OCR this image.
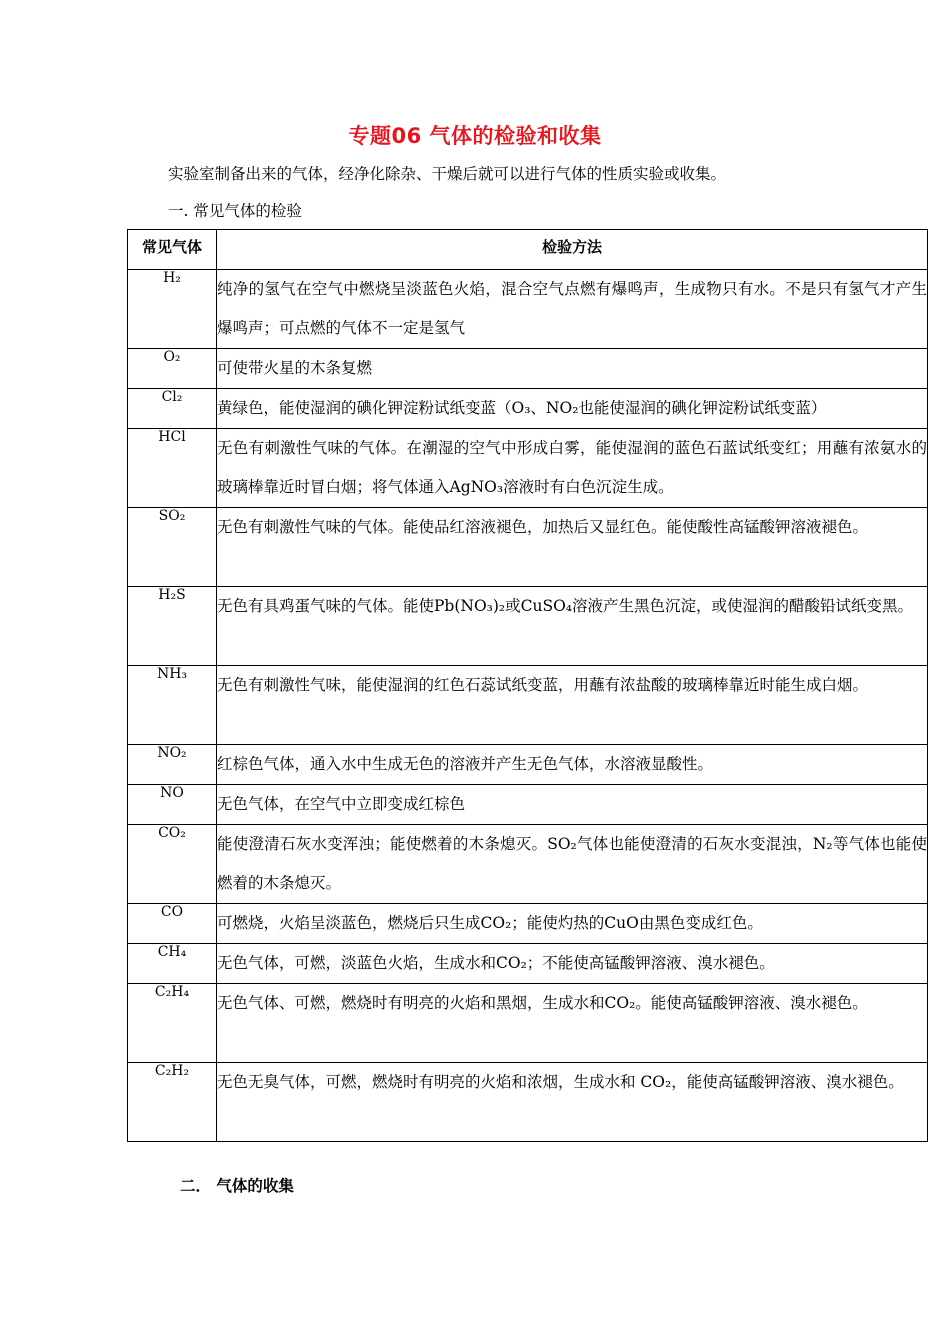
专题06 气体的检验和收集
实验室制备出来的气体，经净化除杂、干燥后就可以进行气体的性质实验或收集。
一. 常见气体的检验
常见气体	检验方法
H₂	纯净的氢气在空气中燃烧呈淡蓝色火焰，混合空气点燃有爆鸣声，生成物只有水。不是只有氢气才产生爆鸣声；可点燃的气体不一定是氢气
O₂	可使带火星的木条复燃
Cl₂	黄绿色，能使湿润的碘化钾淀粉试纸变蓝（O₃、NO₂也能使湿润的碘化钾淀粉试纸变蓝）
HCl	无色有刺激性气味的气体。在潮湿的空气中形成白雾，能使湿润的蓝色石蓝试纸变红；用蘸有浓氨水的玻璃棒靠近时冒白烟；将气体通入AgNO₃溶液时有白色沉淀生成。
SO₂	无色有刺激性气味的气体。能使品红溶液褪色，加热后又显红色。能使酸性高锰酸钾溶液褪色。
H₂S	无色有具鸡蛋气味的气体。能使Pb(NO₃)₂或CuSO₄溶液产生黑色沉淀，或使湿润的醋酸铅试纸变黑。
NH₃	无色有刺激性气味，能使湿润的红色石蕊试纸变蓝，用蘸有浓盐酸的玻璃棒靠近时能生成白烟。
NO₂	红棕色气体，通入水中生成无色的溶液并产生无色气体，水溶液显酸性。
NO	无色气体，在空气中立即变成红棕色
CO₂	能使澄清石灰水变浑浊；能使燃着的木条熄灭。SO₂气体也能使澄清的石灰水变混浊，N₂等气体也能使燃着的木条熄灭。
CO	可燃烧，火焰呈淡蓝色，燃烧后只生成CO₂；能使灼热的CuO由黑色变成红色。
CH₄	无色气体，可燃，淡蓝色火焰，生成水和CO₂；不能使高锰酸钾溶液、溴水褪色。
C₂H₄	无色气体、可燃，燃烧时有明亮的火焰和黑烟，生成水和CO₂。能使高锰酸钾溶液、溴水褪色。
C₂H₂	无色无臭气体，可燃，燃烧时有明亮的火焰和浓烟，生成水和 CO₂，能使高锰酸钾溶液、溴水褪色。
二． 气体的收集
